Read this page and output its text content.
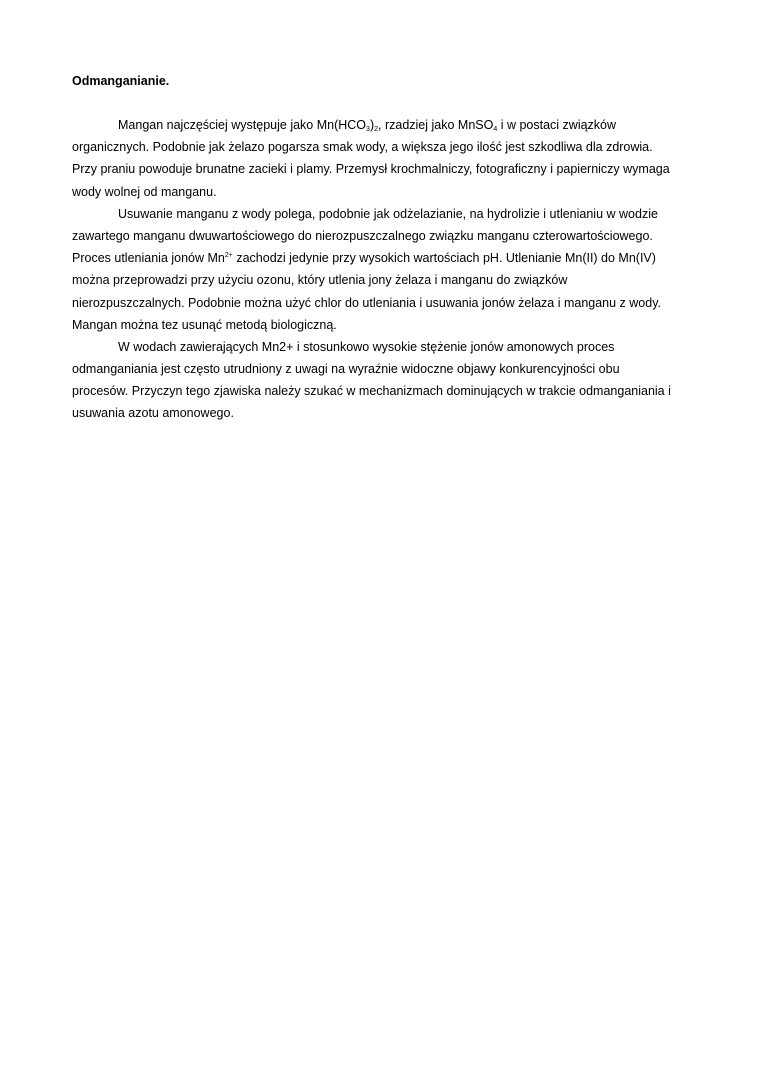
Odmanganianie.
Mangan najczęściej występuje jako $Mn(HCO_3)_2$, rzadziej jako MnSO$_4$ i w postaci związków
organicznych. Podobnie jak żelazo pogarsza smak wody, a większa jego ilość jest szkodliwa dla zdrowia.
Przy praniu powoduje brunatne zacieki i plamy. Przemysł krochmalniczy, fotograficzny i papierniczy wymaga
wody wolnej od manganu.
Usuwanie manganu z wody polega, podobnie jak odżelazianie, na hydrolizie i utlenianiu w wodzie
zawartego manganu dwuwartościowego do nierozpuszczalnego związku manganu czterowartościowego.
Proces utleniania jonów $Mn^{2+}$ zachodzi jedynie przy wysokich wartościach pH. Utlenianie Mn(II) do Mn(IV)
można przeprowadzi przy użyciu ozonu, który utlenia jony żelaza i manganu do związków
nierozpuszczalnych. Podobnie można użyć chlor do utleniania i usuwania jonów żelaza i manganu z wody.
Mangan można tez usunąć metodą biologiczną.
W wodach zawierających Mn2+ i stosunkowo wysokie stężenie jonów amonowych proces
odmanganiania jest często utrudniony z uwagi na wyraźnie widoczne objawy konkurencyjności obu
procesów. Przyczyn tego zjawiska należy szukać w mechanizmach dominujących w trakcie odmanganiania i
usuwania azotu amonowego.
